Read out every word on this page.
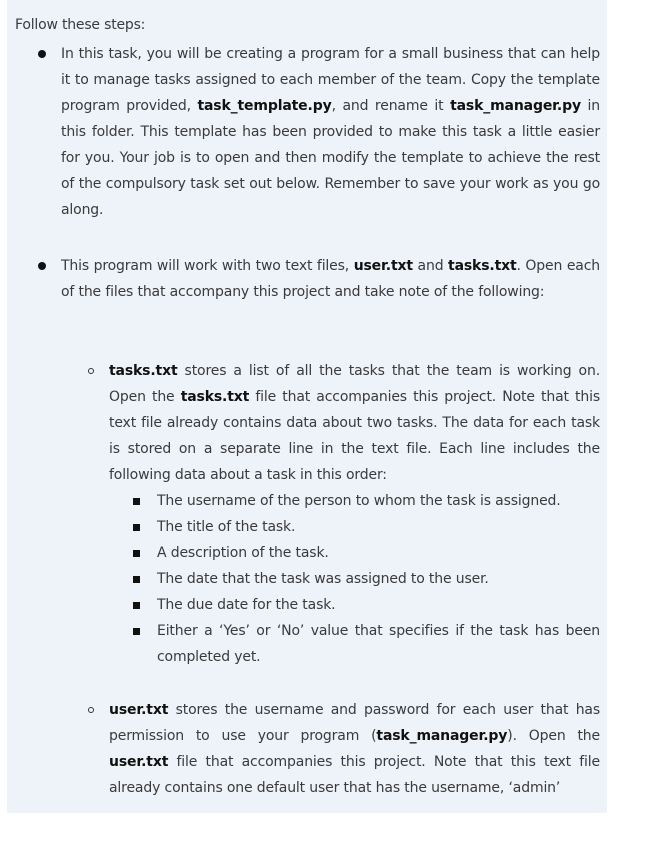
Follow these steps:
In this task, you will be creating a program for a small business that can help it to manage tasks assigned to each member of the team. Copy the template program provided, task_template.py, and rename it task_manager.py in this folder. This template has been provided to make this task a little easier for you. Your job is to open and then modify the template to achieve the rest of the compulsory task set out below. Remember to save your work as you go along.
This program will work with two text files, user.txt and tasks.txt. Open each of the files that accompany this project and take note of the following:
tasks.txt stores a list of all the tasks that the team is working on. Open the tasks.txt file that accompanies this project. Note that this text file already contains data about two tasks. The data for each task is stored on a separate line in the text file. Each line includes the following data about a task in this order:
The username of the person to whom the task is assigned.
The title of the task.
A description of the task.
The date that the task was assigned to the user.
The due date for the task.
Either a ‘Yes’ or ‘No’ value that specifies if the task has been completed yet.
user.txt stores the username and password for each user that has permission to use your program (task_manager.py). Open the user.txt file that accompanies this project. Note that this text file already contains one default user that has the username, ‘admin’
